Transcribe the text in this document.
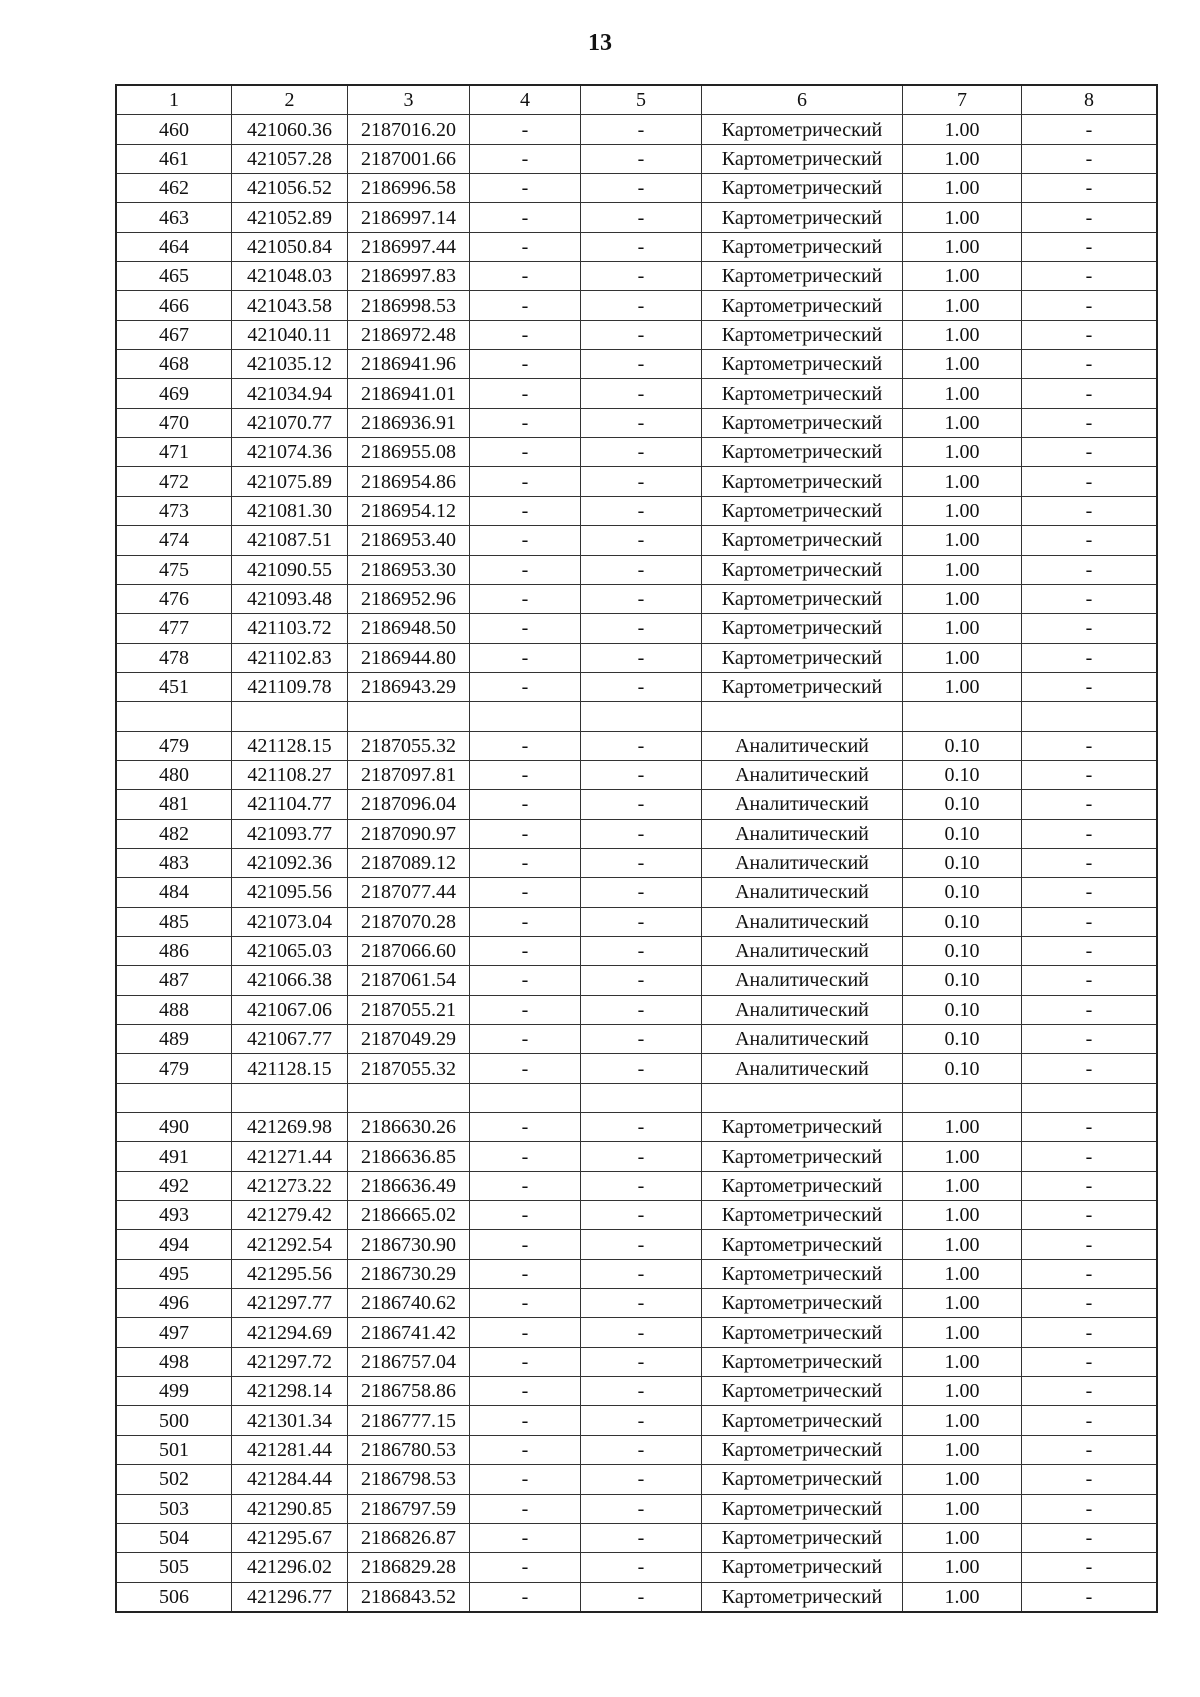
13
1	2	3	4	5	6	7	8
460	421060.36	2187016.20	-	-	Картометрический	1.00	-
461	421057.28	2187001.66	-	-	Картометрический	1.00	-
462	421056.52	2186996.58	-	-	Картометрический	1.00	-
463	421052.89	2186997.14	-	-	Картометрический	1.00	-
464	421050.84	2186997.44	-	-	Картометрический	1.00	-
465	421048.03	2186997.83	-	-	Картометрический	1.00	-
466	421043.58	2186998.53	-	-	Картометрический	1.00	-
467	421040.11	2186972.48	-	-	Картометрический	1.00	-
468	421035.12	2186941.96	-	-	Картометрический	1.00	-
469	421034.94	2186941.01	-	-	Картометрический	1.00	-
470	421070.77	2186936.91	-	-	Картометрический	1.00	-
471	421074.36	2186955.08	-	-	Картометрический	1.00	-
472	421075.89	2186954.86	-	-	Картометрический	1.00	-
473	421081.30	2186954.12	-	-	Картометрический	1.00	-
474	421087.51	2186953.40	-	-	Картометрический	1.00	-
475	421090.55	2186953.30	-	-	Картометрический	1.00	-
476	421093.48	2186952.96	-	-	Картометрический	1.00	-
477	421103.72	2186948.50	-	-	Картометрический	1.00	-
478	421102.83	2186944.80	-	-	Картометрический	1.00	-
451	421109.78	2186943.29	-	-	Картометрический	1.00	-

479	421128.15	2187055.32	-	-	Аналитический	0.10	-
480	421108.27	2187097.81	-	-	Аналитический	0.10	-
481	421104.77	2187096.04	-	-	Аналитический	0.10	-
482	421093.77	2187090.97	-	-	Аналитический	0.10	-
483	421092.36	2187089.12	-	-	Аналитический	0.10	-
484	421095.56	2187077.44	-	-	Аналитический	0.10	-
485	421073.04	2187070.28	-	-	Аналитический	0.10	-
486	421065.03	2187066.60	-	-	Аналитический	0.10	-
487	421066.38	2187061.54	-	-	Аналитический	0.10	-
488	421067.06	2187055.21	-	-	Аналитический	0.10	-
489	421067.77	2187049.29	-	-	Аналитический	0.10	-
479	421128.15	2187055.32	-	-	Аналитический	0.10	-

490	421269.98	2186630.26	-	-	Картометрический	1.00	-
491	421271.44	2186636.85	-	-	Картометрический	1.00	-
492	421273.22	2186636.49	-	-	Картометрический	1.00	-
493	421279.42	2186665.02	-	-	Картометрический	1.00	-
494	421292.54	2186730.90	-	-	Картометрический	1.00	-
495	421295.56	2186730.29	-	-	Картометрический	1.00	-
496	421297.77	2186740.62	-	-	Картометрический	1.00	-
497	421294.69	2186741.42	-	-	Картометрический	1.00	-
498	421297.72	2186757.04	-	-	Картометрический	1.00	-
499	421298.14	2186758.86	-	-	Картометрический	1.00	-
500	421301.34	2186777.15	-	-	Картометрический	1.00	-
501	421281.44	2186780.53	-	-	Картометрический	1.00	-
502	421284.44	2186798.53	-	-	Картометрический	1.00	-
503	421290.85	2186797.59	-	-	Картометрический	1.00	-
504	421295.67	2186826.87	-	-	Картометрический	1.00	-
505	421296.02	2186829.28	-	-	Картометрический	1.00	-
506	421296.77	2186843.52	-	-	Картометрический	1.00	-
